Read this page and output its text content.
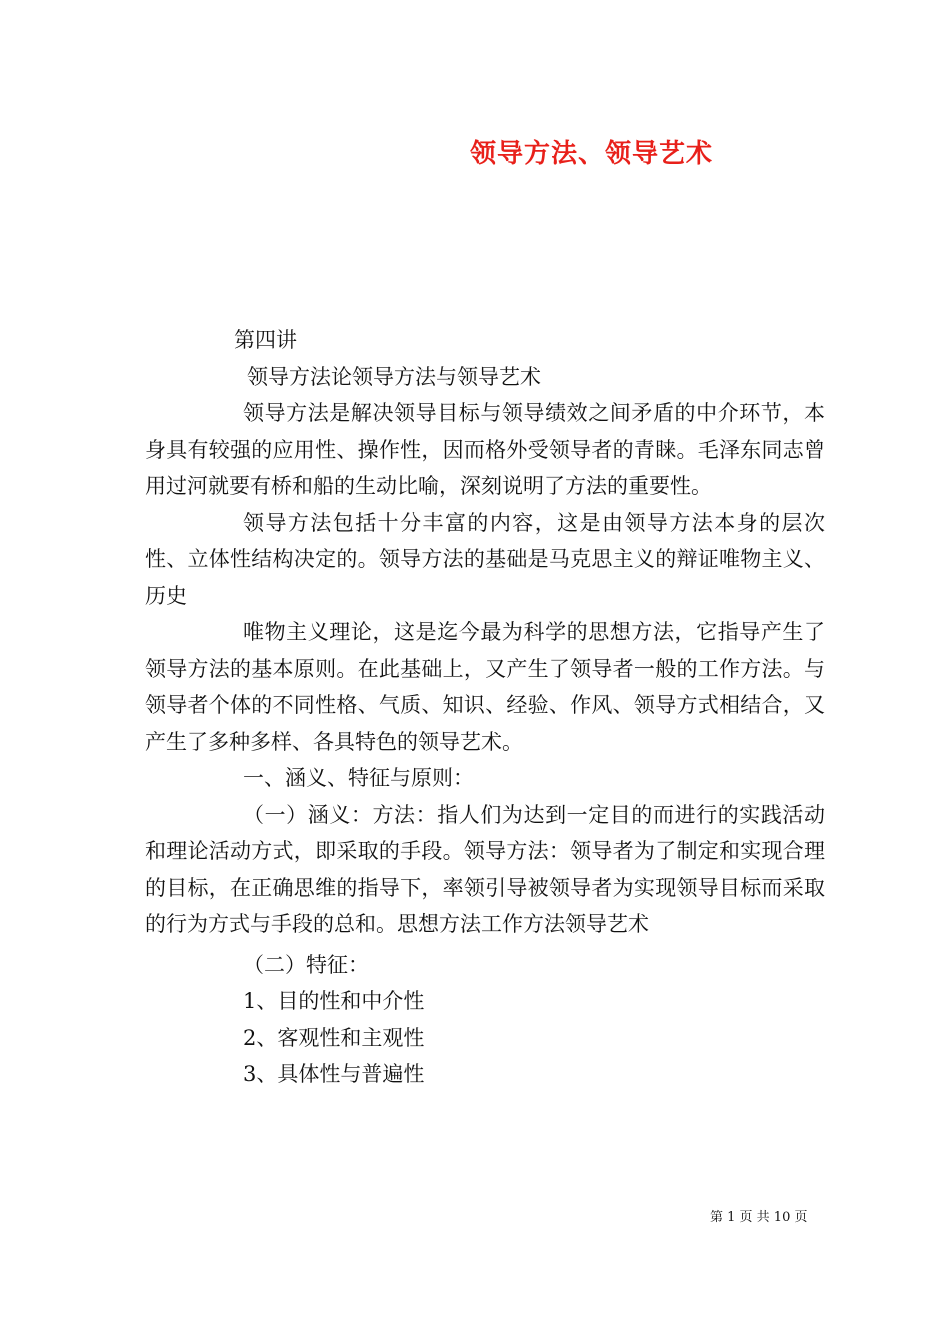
领导方法、领导艺术

第四讲

领导方法论领导方法与领导艺术

领导方法是解决领导目标与领导绩效之间矛盾的中介环节，本身具有较强的应用性、操作性，因而格外受领导者的青睐。毛泽东同志曾用过河就要有桥和船的生动比喻，深刻说明了方法的重要性。

领导方法包括十分丰富的内容，这是由领导方法本身的层次性、立体性结构决定的。领导方法的基础是马克思主义的辩证唯物主义、历史

唯物主义理论，这是迄今最为科学的思想方法，它指导产生了领导方法的基本原则。在此基础上，又产生了领导者一般的工作方法。与领导者个体的不同性格、气质、知识、经验、作风、领导方式相结合，又产生了多种多样、各具特色的领导艺术。

一、涵义、特征与原则：

（一）涵义：方法：指人们为达到一定目的而进行的实践活动和理论活动方式，即采取的手段。领导方法：领导者为了制定和实现合理的目标，在正确思维的指导下，率领引导被领导者为实现领导目标而采取的行为方式与手段的总和。思想方法工作方法领导艺术

（二）特征：

1、目的性和中介性

2、客观性和主观性

3、具体性与普遍性

第 1 页 共 10 页
